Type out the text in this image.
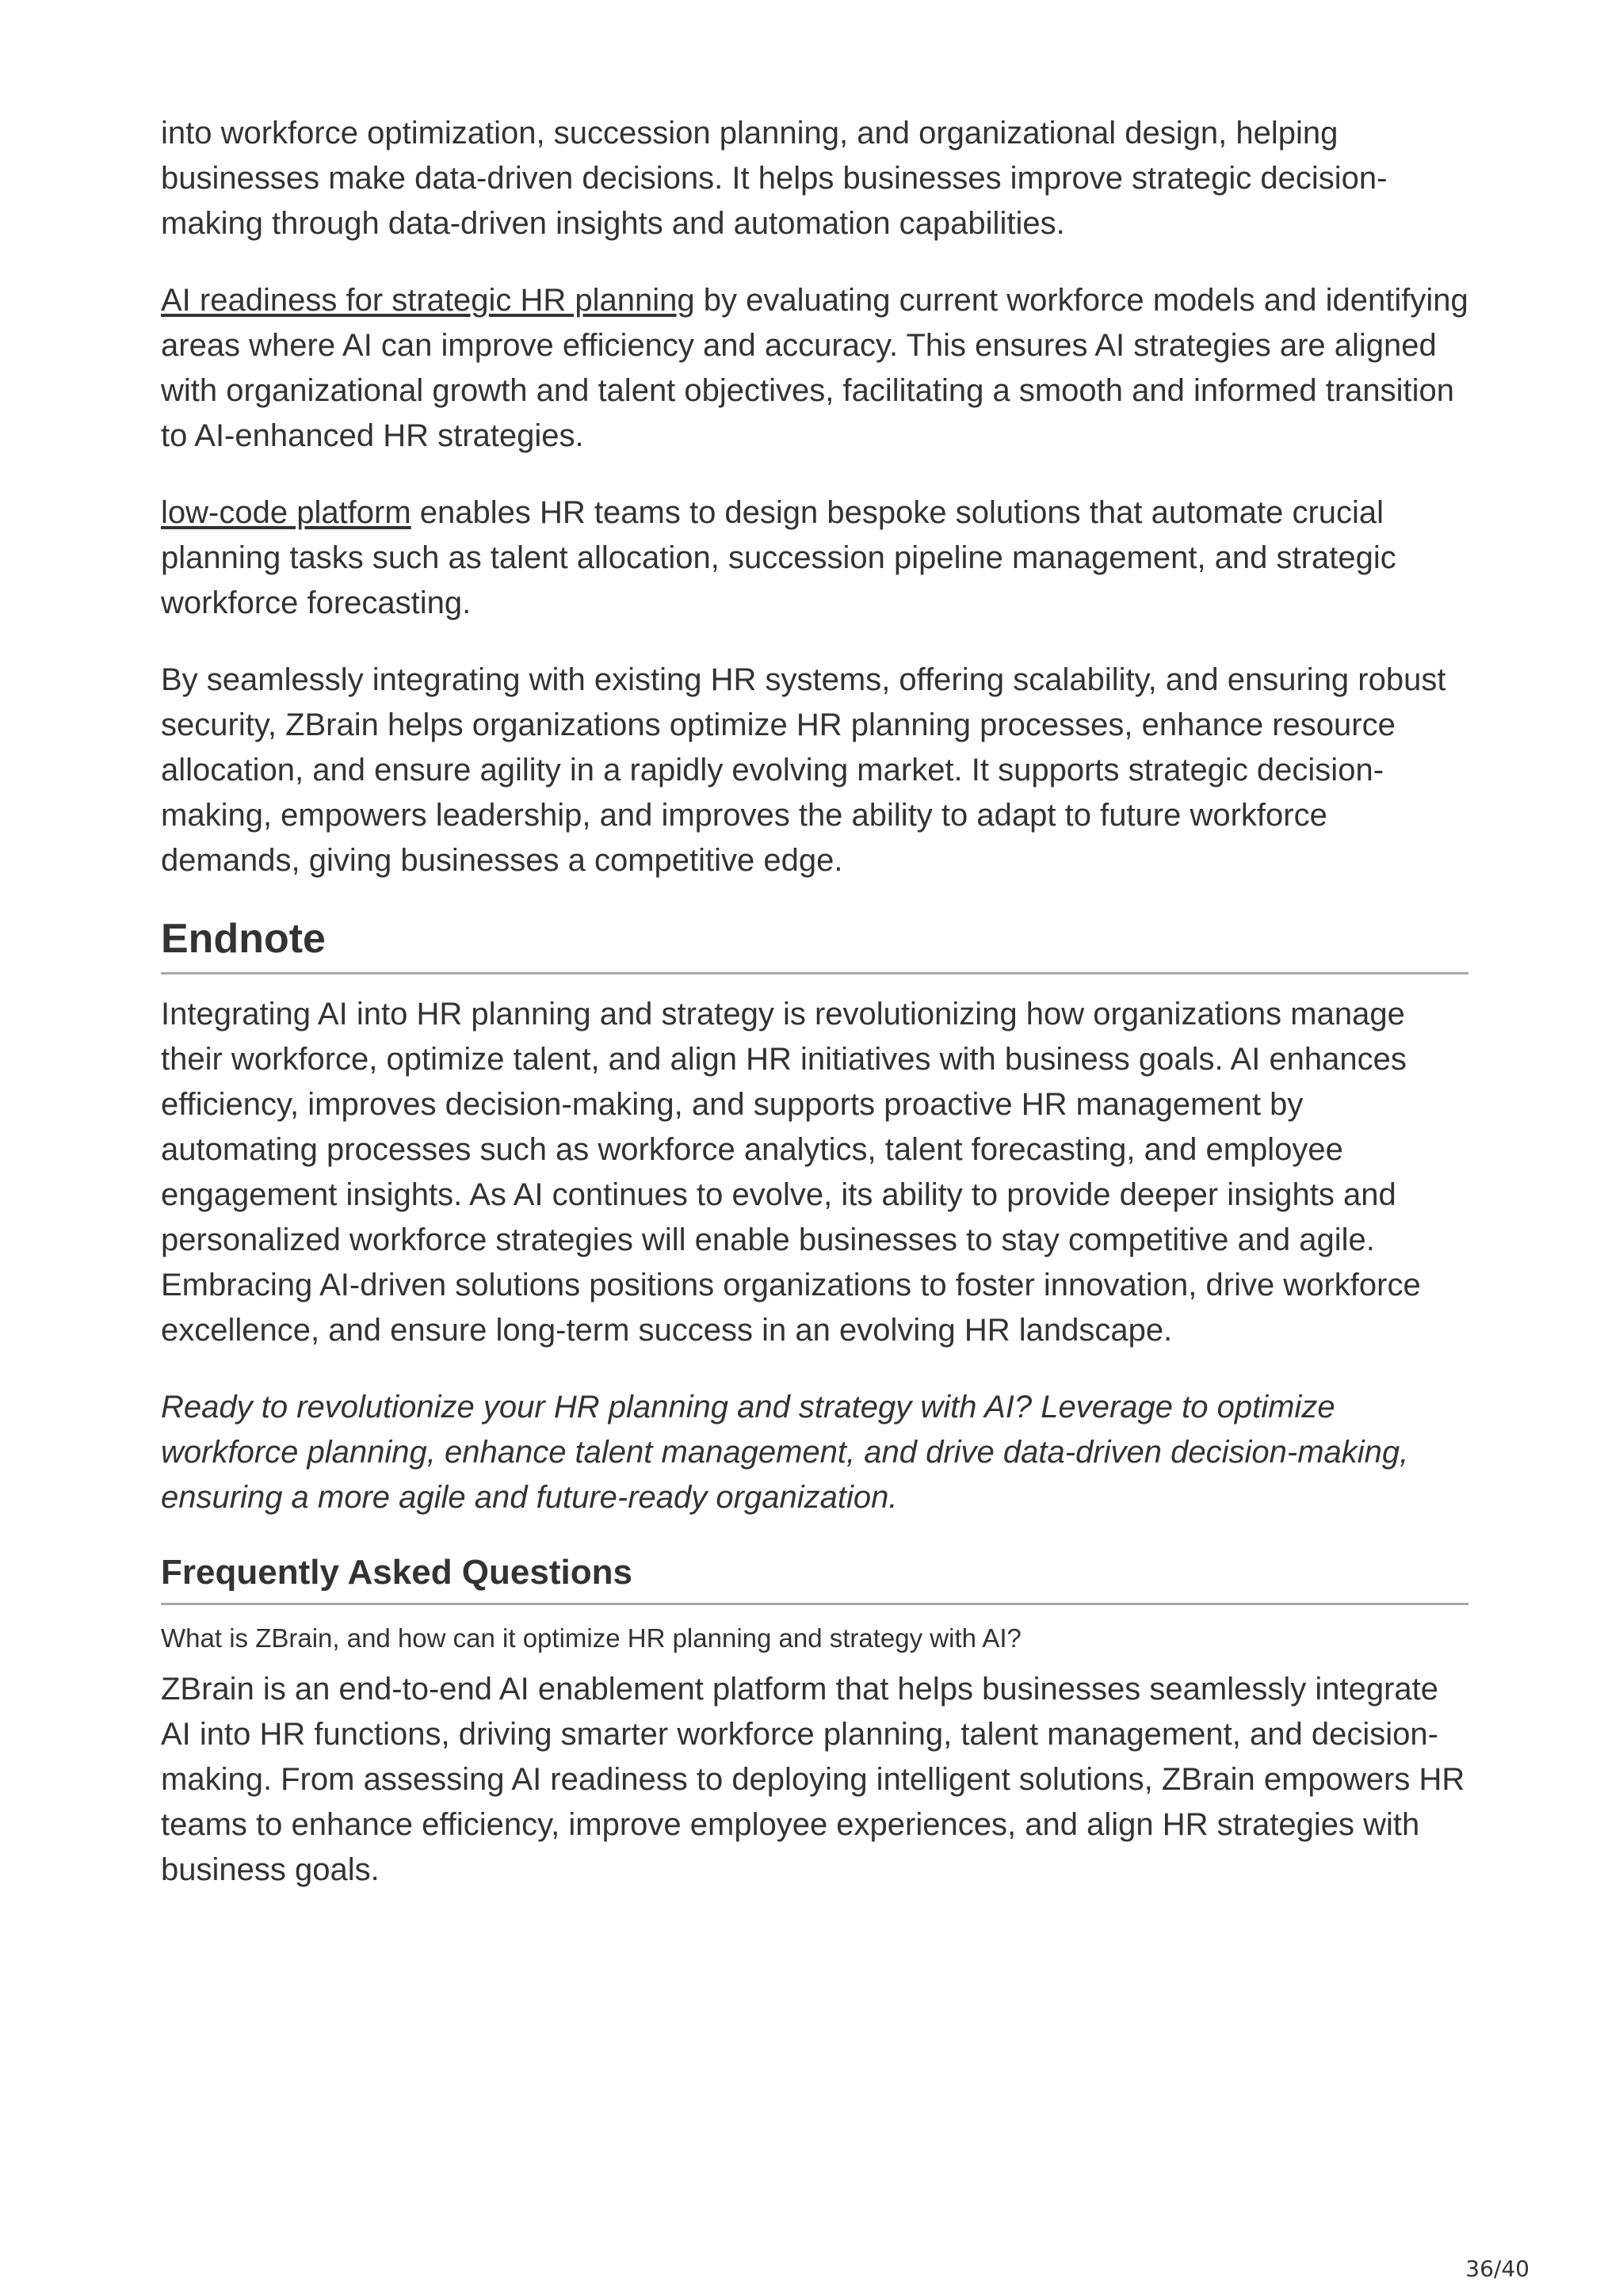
into workforce optimization, succession planning, and organizational design, helping businesses make data-driven decisions. It helps businesses improve strategic decision-making through data-driven insights and automation capabilities.

AI readiness for strategic HR planning by evaluating current workforce models and identifying areas where AI can improve efficiency and accuracy. This ensures AI strategies are aligned with organizational growth and talent objectives, facilitating a smooth and informed transition to AI-enhanced HR strategies.

low-code platform enables HR teams to design bespoke solutions that automate crucial planning tasks such as talent allocation, succession pipeline management, and strategic workforce forecasting.

By seamlessly integrating with existing HR systems, offering scalability, and ensuring robust security, ZBrain helps organizations optimize HR planning processes, enhance resource allocation, and ensure agility in a rapidly evolving market. It supports strategic decision-making, empowers leadership, and improves the ability to adapt to future workforce demands, giving businesses a competitive edge.

Endnote

Integrating AI into HR planning and strategy is revolutionizing how organizations manage their workforce, optimize talent, and align HR initiatives with business goals. AI enhances efficiency, improves decision-making, and supports proactive HR management by automating processes such as workforce analytics, talent forecasting, and employee engagement insights. As AI continues to evolve, its ability to provide deeper insights and personalized workforce strategies will enable businesses to stay competitive and agile. Embracing AI-driven solutions positions organizations to foster innovation, drive workforce excellence, and ensure long-term success in an evolving HR landscape.

Ready to revolutionize your HR planning and strategy with AI? Leverage to optimize workforce planning, enhance talent management, and drive data-driven decision-making, ensuring a more agile and future-ready organization.

Frequently Asked Questions
What is ZBrain, and how can it optimize HR planning and strategy with AI?

ZBrain is an end-to-end AI enablement platform that helps businesses seamlessly integrate AI into HR functions, driving smarter workforce planning, talent management, and decision-making. From assessing AI readiness to deploying intelligent solutions, ZBrain empowers HR teams to enhance efficiency, improve employee experiences, and align HR strategies with business goals.

36/40
